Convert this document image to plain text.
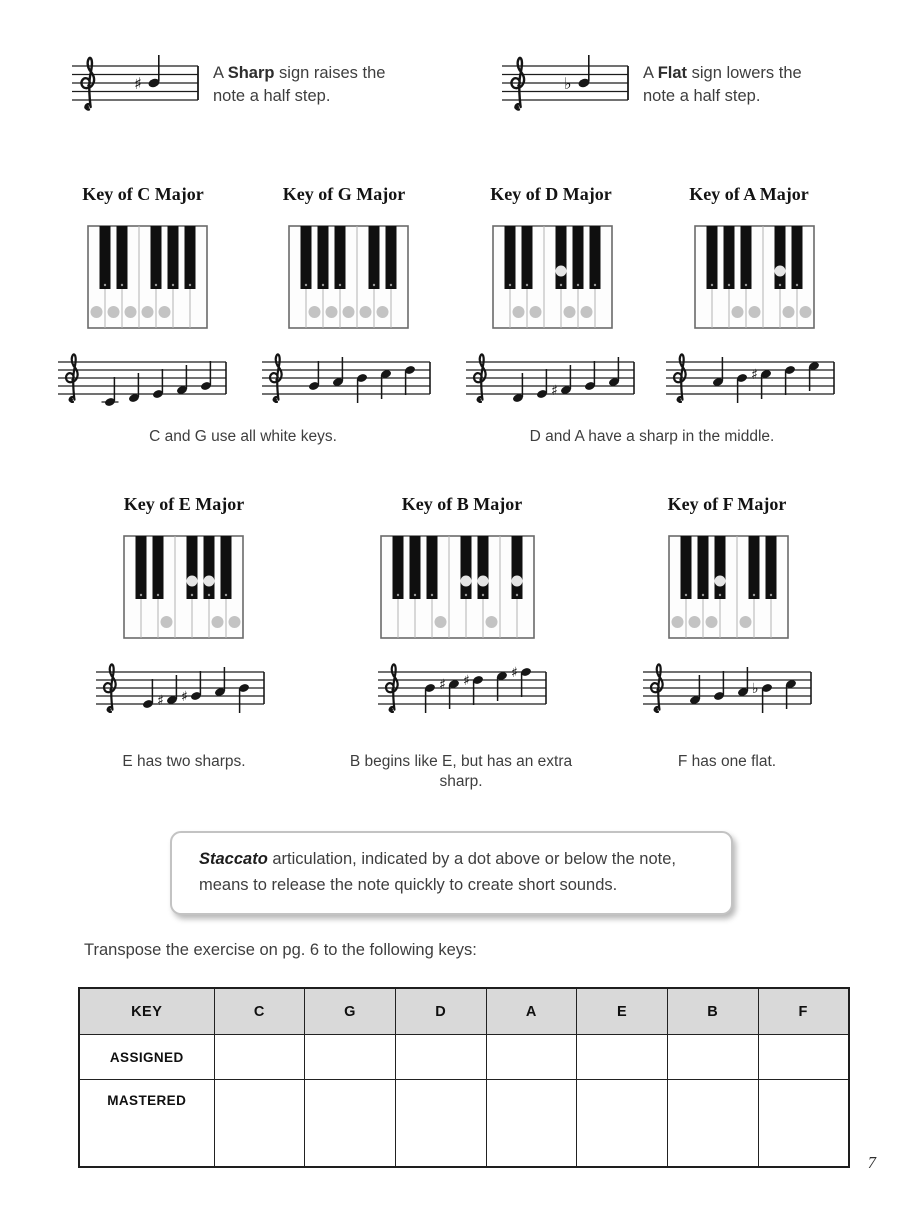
♯
A Sharp sign raises the
note a half step.
♭
A Flat sign lowers the
note a half step.
Key of C Major	Key of G Major	Key of D Major	Key of A Major
Key of E Major	Key of B Major	Key of F Major
♯
♯
♯ ♯
♯ ♯	♯
♭
C and G use all white keys.	D and A have a sharp in the middle.
E has two sharps.	B begins like E, but has an extra sharp.
F has one flat.
Staccato articulation, indicated by a dot above or below the note, means to release the note quickly to create short sounds.
Transpose the exercise on pg. 6 to the following keys:
KEY	C	G	D	A	E	B	F
ASSIGNED							
MASTERED							
7
